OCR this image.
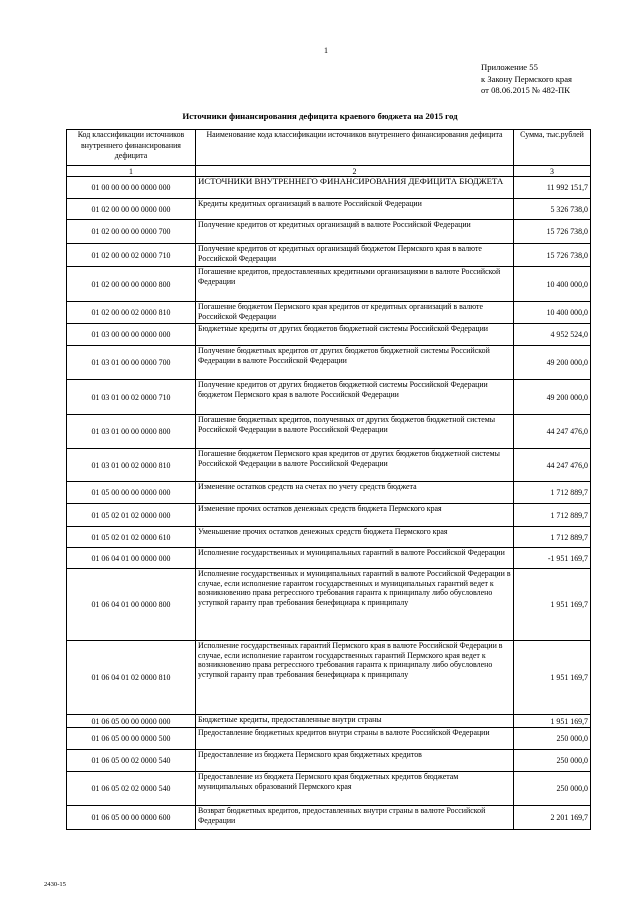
1
Приложение 55
к Закону Пермского края
от 08.06.2015 № 482-ПК
Источники финансирования дефицита краевого бюджета на 2015 год
Код классификации источников внутреннего финансирования дефицита	Наименование кода классификации источников внутреннего финансирования дефицита	Сумма, тыс.рублей
1	2	3
01 00 00 00 00 0000 000	ИСТОЧНИКИ ВНУТРЕННЕГО ФИНАНСИРОВАНИЯ ДЕФИЦИТА БЮДЖЕТА	11 992 151,7
01 02 00 00 00 0000 000	Кредиты кредитных организаций в валюте Российской Федерации	5 326 738,0
01 02 00 00 00 0000 700	Получение кредитов от кредитных организаций в валюте Российской Федерации	15 726 738,0
01 02 00 00 02 0000 710	Получение кредитов от кредитных организаций бюджетом Пермского края в валюте Российской Федерации	15 726 738,0
01 02 00 00 00 0000 800	Погашение кредитов, предоставленных кредитными организациями в валюте Российской Федерации	10 400 000,0
01 02 00 00 02 0000 810	Погашение бюджетом Пермского края кредитов от кредитных организаций в валюте Российской Федерации	10 400 000,0
01 03 00 00 00 0000 000	Бюджетные кредиты от других бюджетов бюджетной системы Российской Федерации	4 952 524,0
01 03 01 00 00 0000 700	Получение бюджетных кредитов от других бюджетов бюджетной системы Российской Федерации в валюте Российской Федерации	49 200 000,0
01 03 01 00 02 0000 710	Получение кредитов от других бюджетов бюджетной системы Российской Федерации бюджетом Пермского края в валюте Российской Федерации	49 200 000,0
01 03 01 00 00 0000 800	Погашение бюджетных кредитов, полученных от других бюджетов бюджетной системы Российской Федерации в валюте Российской Федерации	44 247 476,0
01 03 01 00 02 0000 810	Погашение бюджетом Пермского края кредитов от других бюджетов бюджетной системы Российской Федерации в валюте Российской Федерации	44 247 476,0
01 05 00 00 00 0000 000	Изменение остатков средств на счетах по учету средств бюджета	1 712 889,7
01 05 02 01 02 0000 000	Изменение прочих остатков денежных средств бюджета Пермского края	1 712 889,7
01 05 02 01 02 0000 610	Уменьшение прочих остатков денежных средств бюджета Пермского края	1 712 889,7
01 06 04 01 00 0000 000	Исполнение государственных и муниципальных гарантий в валюте Российской Федерации	-1 951 169,7
01 06 04 01 00 0000 800	Исполнение государственных и муниципальных гарантий в валюте Российской Федерации в случае, если исполнение гарантом государственных и муниципальных гарантий ведет к возникновению права регрессного требования гаранта к принципалу либо обусловлено уступкой гаранту прав требования бенефициара к принципалу	1 951 169,7
01 06 04 01 02 0000 810	Исполнение государственных гарантий Пермского края в валюте Российской Федерации в случае, если исполнение гарантом государственных гарантий Пермского края ведет к возникновению права регрессного требования гаранта к принципалу либо обусловлено уступкой гаранту прав требования бенефициара к принципалу	1 951 169,7
01 06 05 00 00 0000 000	Бюджетные кредиты, предоставленные внутри страны	1 951 169,7
01 06 05 00 00 0000 500	Предоставление бюджетных кредитов внутри страны в валюте Российской Федерации	250 000,0
01 06 05 00 02 0000 540	Предоставление из бюджета Пермского края бюджетных кредитов	250 000,0
01 06 05 02 02 0000 540	Предоставление из бюджета Пермского края бюджетных кредитов бюджетам муниципальных образований Пермского края	250 000,0
01 06 05 00 00 0000 600	Возврат бюджетных кредитов, предоставленных внутри страны в валюте Российской Федерации	2 201 169,7
2430-15
